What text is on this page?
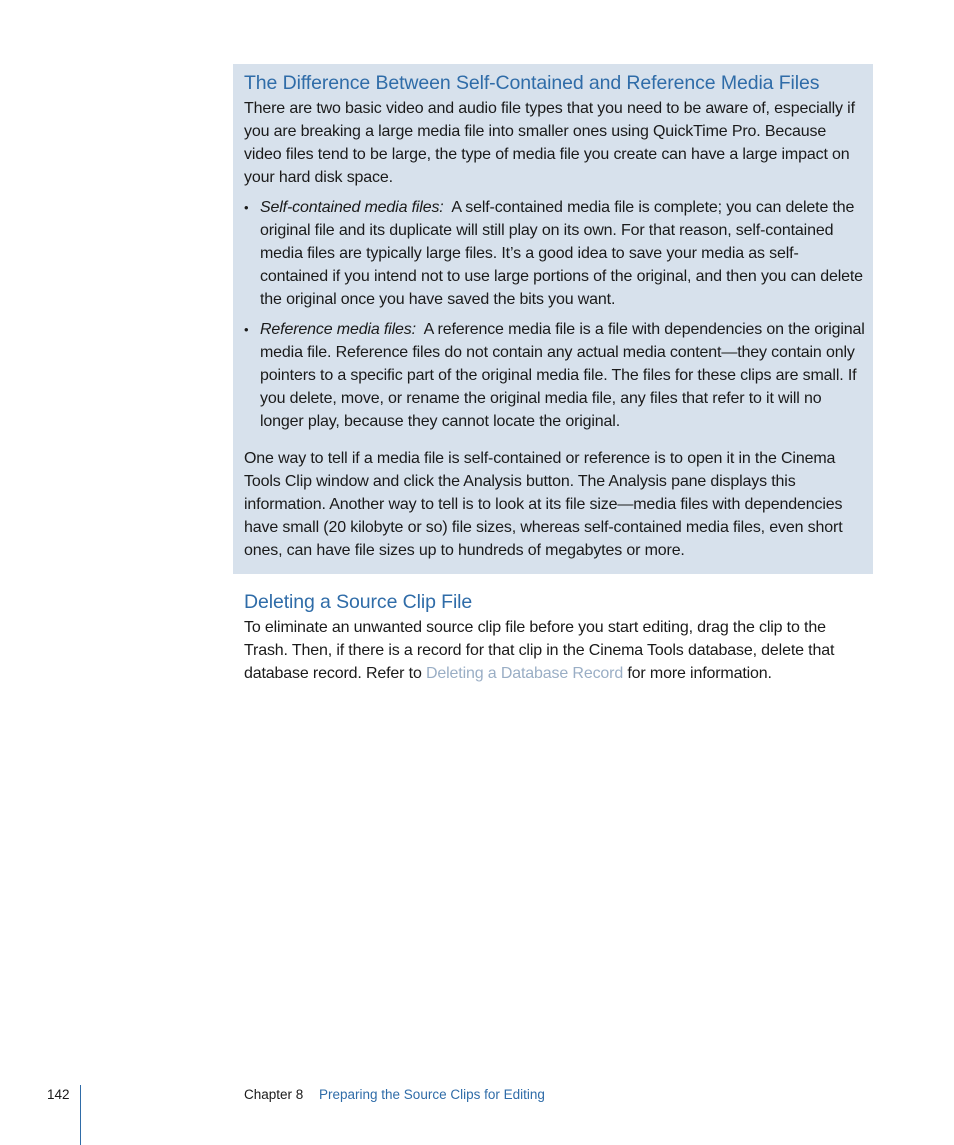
The Difference Between Self-Contained and Reference Media Files

There are two basic video and audio file types that you need to be aware of, especially if you are breaking a large media file into smaller ones using QuickTime Pro. Because video files tend to be large, the type of media file you create can have a large impact on your hard disk space.

• Self-contained media files: A self-contained media file is complete; you can delete the original file and its duplicate will still play on its own. For that reason, self-contained media files are typically large files. It’s a good idea to save your media as self-contained if you intend not to use large portions of the original, and then you can delete the original once you have saved the bits you want.
• Reference media files: A reference media file is a file with dependencies on the original media file. Reference files do not contain any actual media content—they contain only pointers to a specific part of the original media file. The files for these clips are small. If you delete, move, or rename the original media file, any files that refer to it will no longer play, because they cannot locate the original.

One way to tell if a media file is self-contained or reference is to open it in the Cinema Tools Clip window and click the Analysis button. The Analysis pane displays this information. Another way to tell is to look at its file size—media files with dependencies have small (20 kilobyte or so) file sizes, whereas self-contained media files, even short ones, can have file sizes up to hundreds of megabytes or more.

Deleting a Source Clip File

To eliminate an unwanted source clip file before you start editing, drag the clip to the Trash. Then, if there is a record for that clip in the Cinema Tools database, delete that database record. Refer to Deleting a Database Record for more information.

142	Chapter 8 Preparing the Source Clips for Editing
